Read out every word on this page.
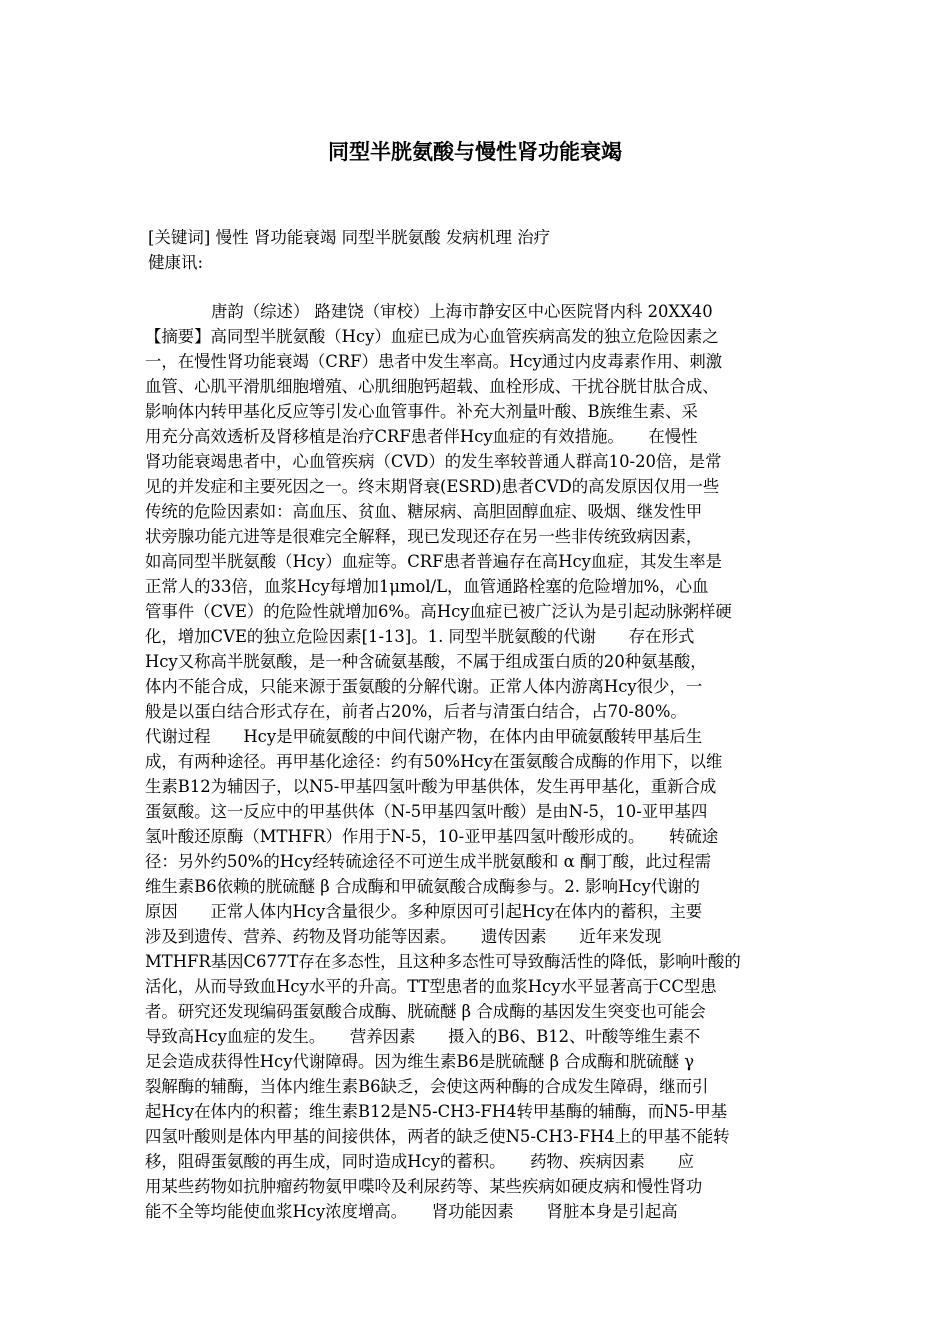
同型半胱氨酸与慢性肾功能衰竭
[关键词] 慢性 肾功能衰竭 同型半胱氨酸 发病机理 治疗
健康讯:
唐韵（综述） 路建饶（审校）上海市静安区中心医院肾内科 20XX40
【摘要】高同型半胱氨酸（Hcy）血症已成为心血管疾病高发的独立危险因素之
一，在慢性肾功能衰竭（CRF）患者中发生率高。Hcy通过内皮毒素作用、刺激
血管、心肌平滑肌细胞增殖、心肌细胞钙超载、血栓形成、干扰谷胱甘肽合成、
影响体内转甲基化反应等引发心血管事件。补充大剂量叶酸、B族维生素、采
用充分高效透析及肾移植是治疗CRF患者伴Hcy血症的有效措施。　　在慢性
肾功能衰竭患者中，心血管疾病（CVD）的发生率较普通人群高10-20倍，是常
见的并发症和主要死因之一。终末期肾衰(ESRD)患者CVD的高发原因仅用一些
传统的危险因素如：高血压、贫血、糖尿病、高胆固醇血症、吸烟、继发性甲
状旁腺功能亢进等是很难完全解释，现已发现还存在另一些非传统致病因素，
如高同型半胱氨酸（Hcy）血症等。CRF患者普遍存在高Hcy血症，其发生率是
正常人的33倍，血浆Hcy每增加1μmol/L，血管通路栓塞的危险增加%，心血
管事件（CVE）的危险性就增加6%。高Hcy血症已被广泛认为是引起动脉粥样硬
化，增加CVE的独立危险因素[1-13]。1. 同型半胱氨酸的代谢　　存在形式
Hcy又称高半胱氨酸，是一种含硫氨基酸，不属于组成蛋白质的20种氨基酸，
体内不能合成，只能来源于蛋氨酸的分解代谢。正常人体内游离Hcy很少，一
般是以蛋白结合形式存在，前者占20%，后者与清蛋白结合，占70-80%。
代谢过程　　Hcy是甲硫氨酸的中间代谢产物，在体内由甲硫氨酸转甲基后生
成，有两种途径。再甲基化途径：约有50%Hcy在蛋氨酸合成酶的作用下，以维
生素B12为辅因子，以N5-甲基四氢叶酸为甲基供体，发生再甲基化，重新合成
蛋氨酸。这一反应中的甲基供体（N-5甲基四氢叶酸）是由N-5，10-亚甲基四
氢叶酸还原酶（MTHFR）作用于N-5，10-亚甲基四氢叶酸形成的。　　转硫途
径：另外约50%的Hcy经转硫途径不可逆生成半胱氨酸和 α 酮丁酸，此过程需
维生素B6依赖的胱硫醚 β 合成酶和甲硫氨酸合成酶参与。2. 影响Hcy代谢的
原因　　正常人体内Hcy含量很少。多种原因可引起Hcy在体内的蓄积，主要
涉及到遗传、营养、药物及肾功能等因素。　　遗传因素　　近年来发现
MTHFR基因C677T存在多态性，且这种多态性可导致酶活性的降低，影响叶酸的
活化，从而导致血Hcy水平的升高。TT型患者的血浆Hcy水平显著高于CC型患
者。研究还发现编码蛋氨酸合成酶、胱硫醚 β 合成酶的基因发生突变也可能会
导致高Hcy血症的发生。　　营养因素　　摄入的B6、B12、叶酸等维生素不
足会造成获得性Hcy代谢障碍。因为维生素B6是胱硫醚 β 合成酶和胱硫醚 γ
裂解酶的辅酶，当体内维生素B6缺乏，会使这两种酶的合成发生障碍，继而引
起Hcy在体内的积蓄；维生素B12是N5-CH3-FH4转甲基酶的辅酶，而N5-甲基
四氢叶酸则是体内甲基的间接供体，两者的缺乏使N5-CH3-FH4上的甲基不能转
移，阻碍蛋氨酸的再生成，同时造成Hcy的蓄积。　　药物、疾病因素　　应
用某些药物如抗肿瘤药物氨甲喋呤及利尿药等、某些疾病如硬皮病和慢性肾功
能不全等均能使血浆Hcy浓度增高。　　肾功能因素　　肾脏本身是引起高
